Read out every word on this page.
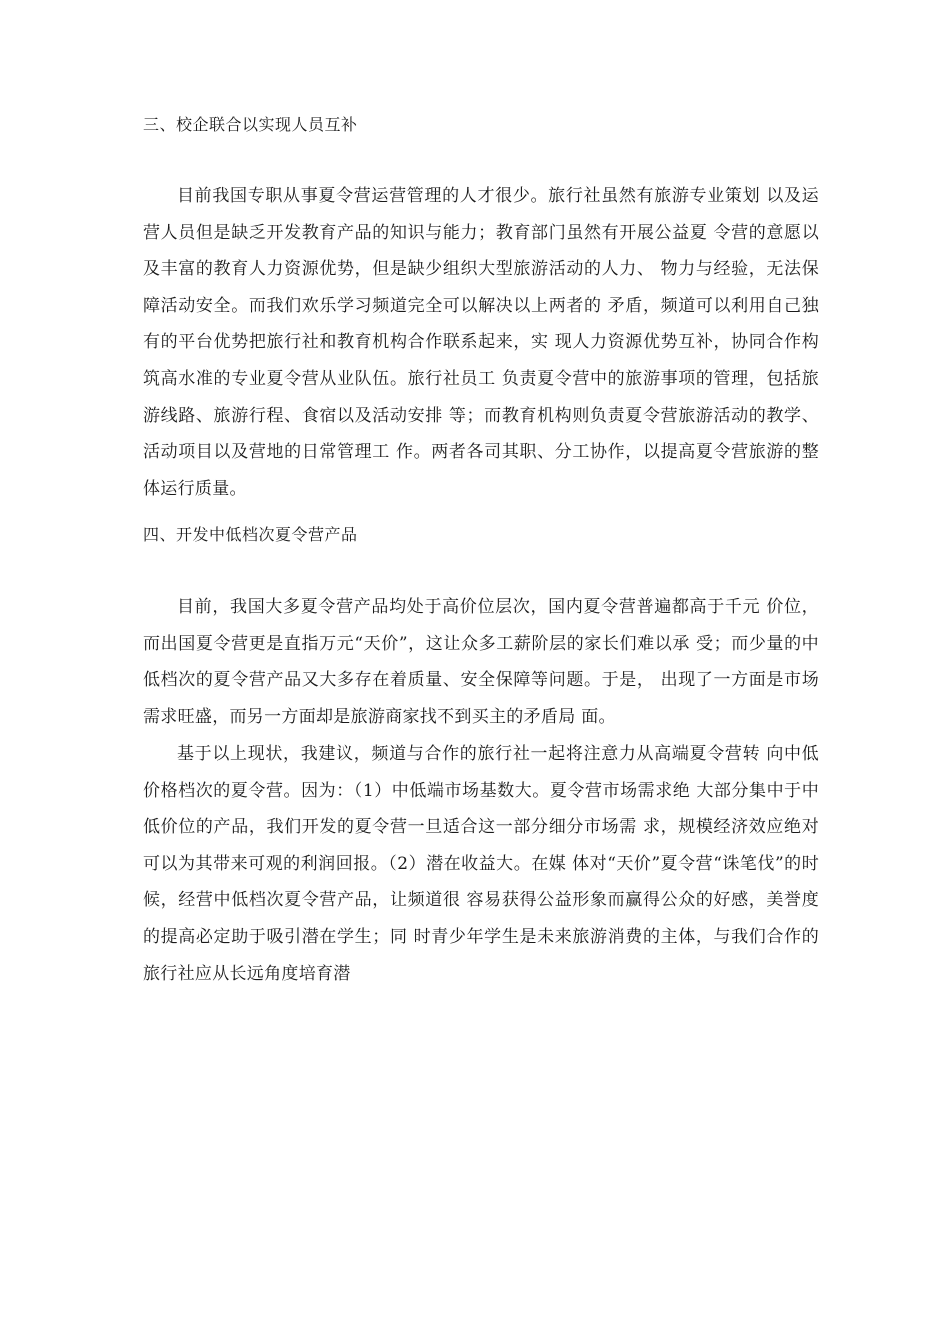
三、校企联合以实现人员互补

目前我国专职从事夏令营运营管理的人才很少。旅行社虽然有旅游专业策划 以及运营人员但是缺乏开发教育产品的知识与能力；教育部门虽然有开展公益夏 令营的意愿以及丰富的教育人力资源优势，但是缺少组织大型旅游活动的人力、 物力与经验，无法保障活动安全。而我们欢乐学习频道完全可以解决以上两者的 矛盾，频道可以利用自己独有的平台优势把旅行社和教育机构合作联系起来，实 现人力资源优势互补，协同合作构筑高水准的专业夏令营从业队伍。旅行社员工 负责夏令营中的旅游事项的管理，包括旅游线路、旅游行程、食宿以及活动安排 等；而教育机构则负责夏令营旅游活动的教学、活动项目以及营地的日常管理工 作。两者各司其职、分工协作，以提高夏令营旅游的整体运行质量。

四、开发中低档次夏令营产品

目前，我国大多夏令营产品均处于高价位层次，国内夏令营普遍都高于千元 价位，而出国夏令营更是直指万元“天价”，这让众多工薪阶层的家长们难以承 受；而少量的中低档次的夏令营产品又大多存在着质量、安全保障等问题。于是， 出现了一方面是市场需求旺盛，而另一方面却是旅游商家找不到买主的矛盾局 面。

基于以上现状，我建议，频道与合作的旅行社一起将注意力从高端夏令营转 向中低价格档次的夏令营。因为：（1）中低端市场基数大。夏令营市场需求绝 大部分集中于中低价位的产品，我们开发的夏令营一旦适合这一部分细分市场需 求，规模经济效应绝对可以为其带来可观的利润回报。（2）潜在收益大。在媒 体对“天价”夏令营“诛笔伐”的时候，经营中低档次夏令营产品，让频道很 容易获得公益形象而赢得公众的好感，美誉度的提高必定助于吸引潜在学生；同 时青少年学生是未来旅游消费的主体，与我们合作的旅行社应从长远角度培育潜
